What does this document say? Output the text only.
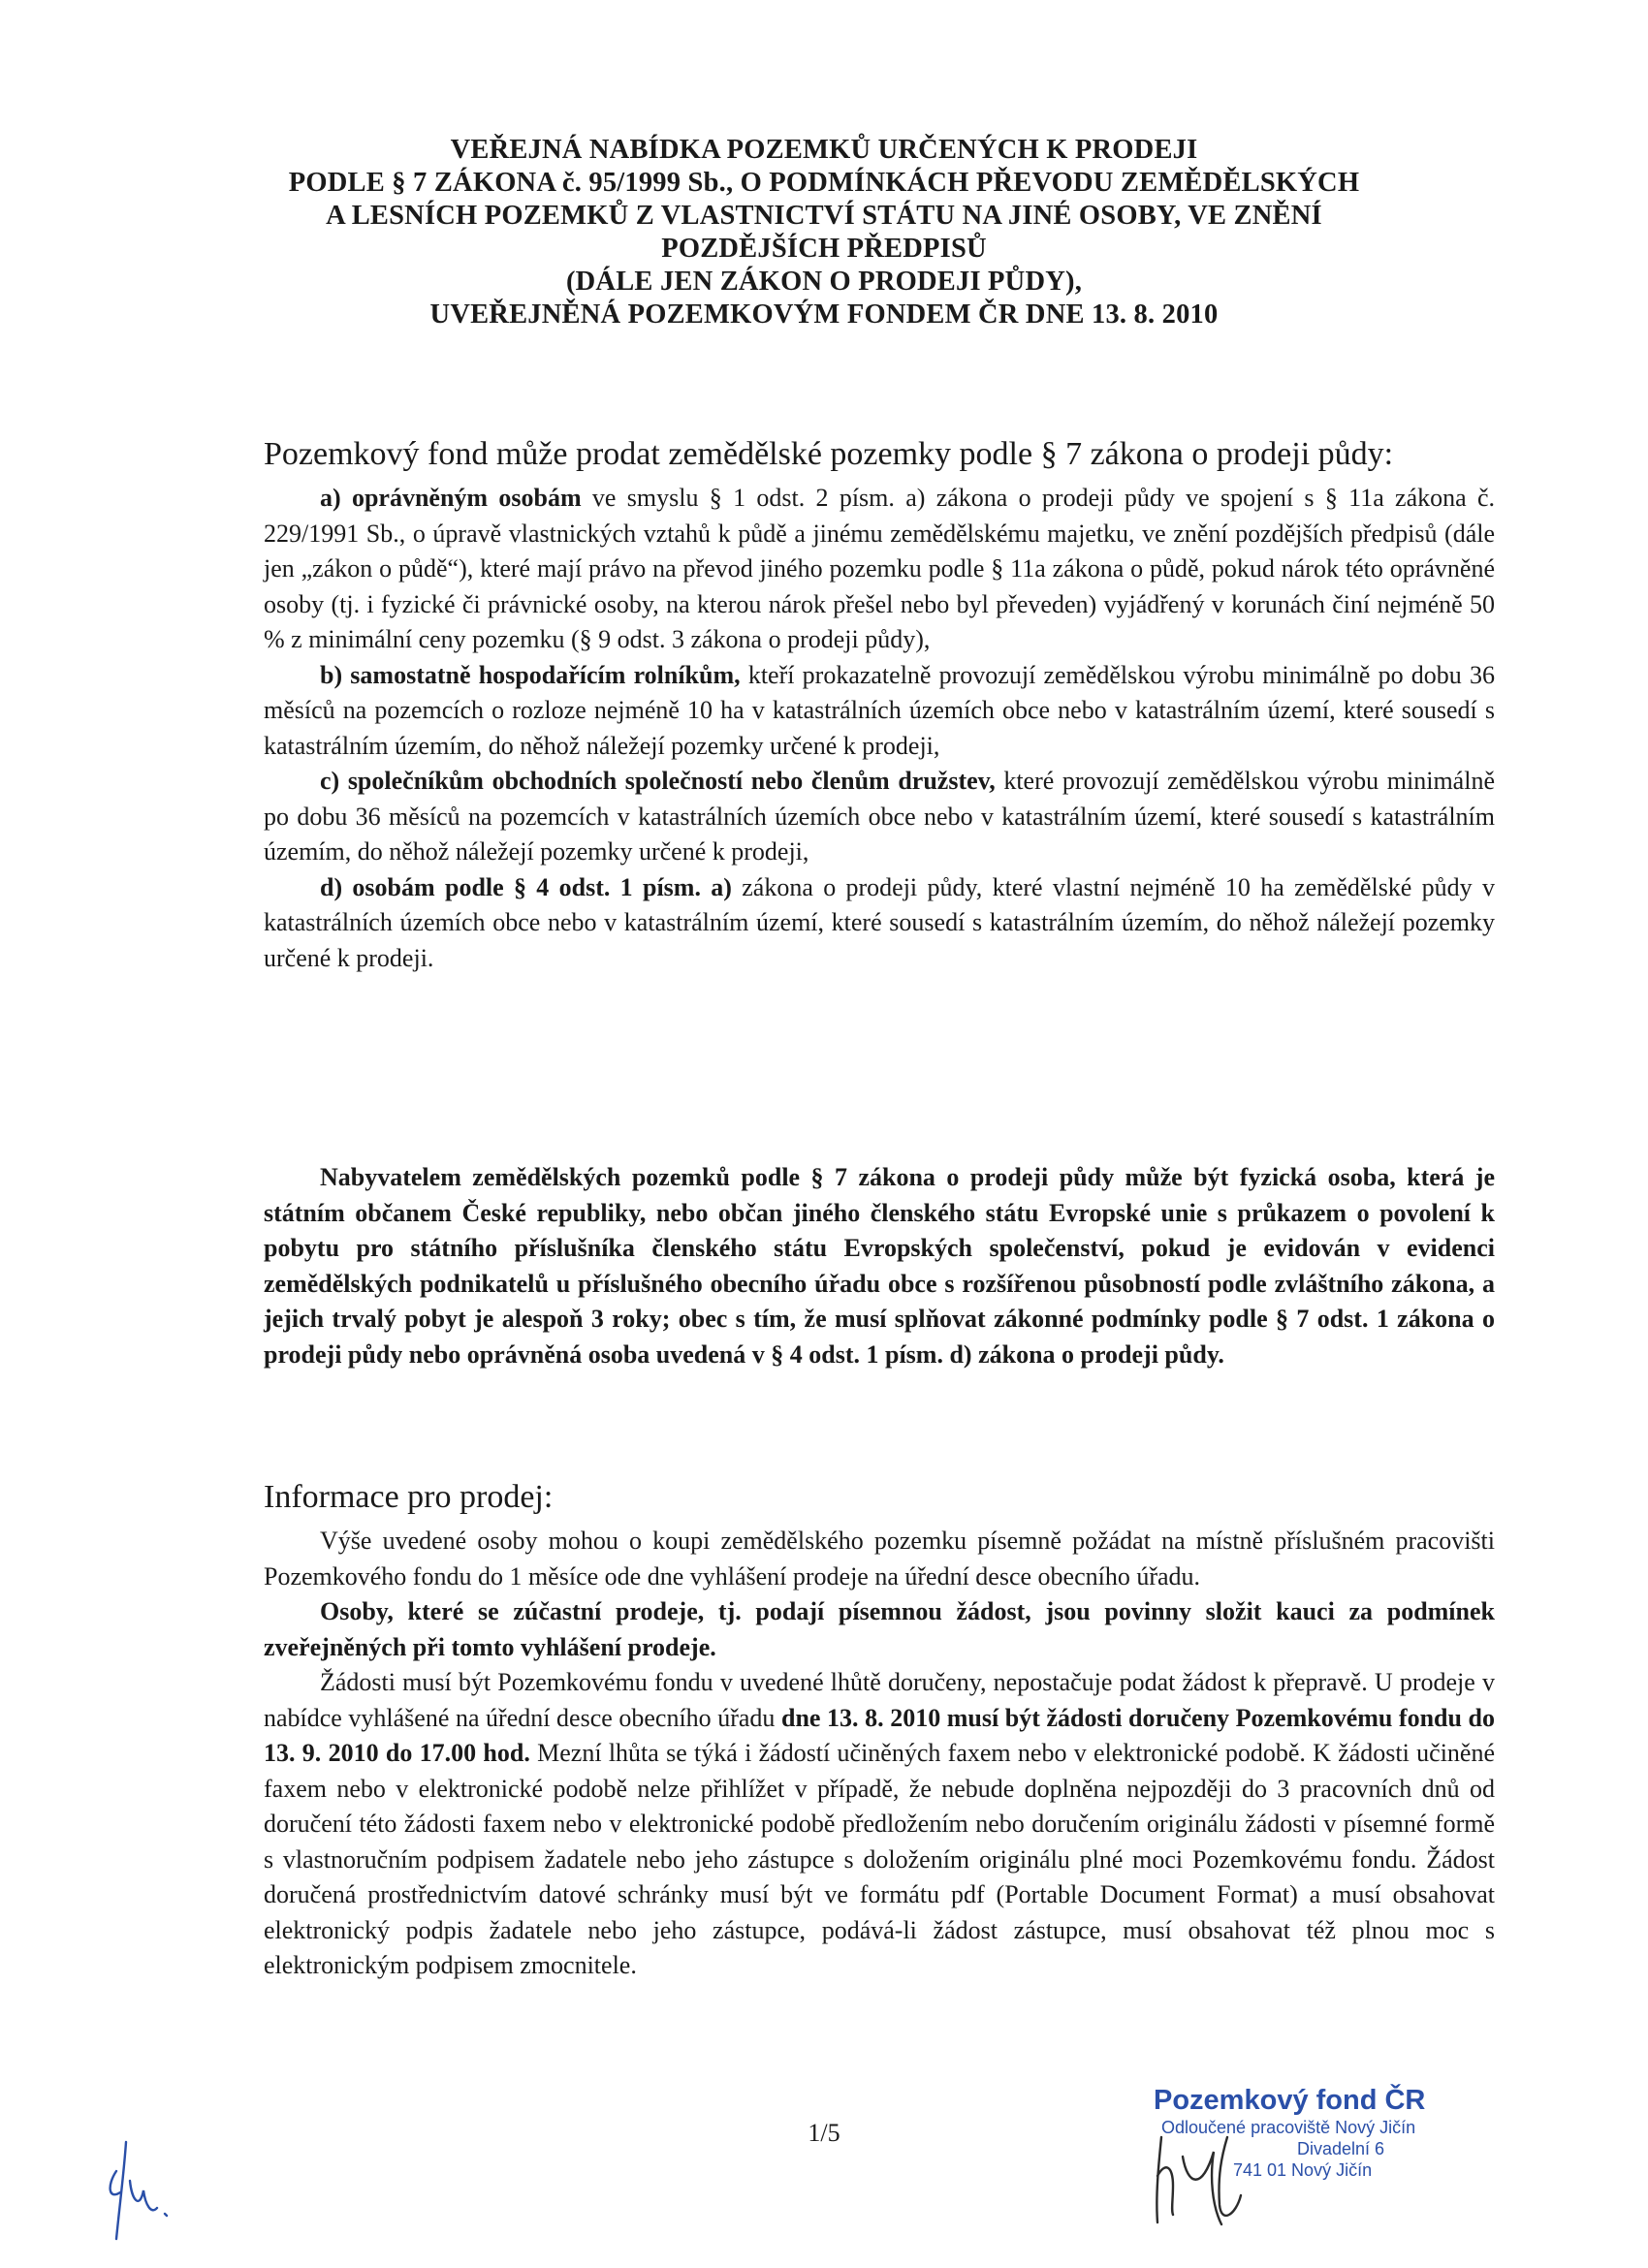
VEŘEJNÁ NABÍDKA POZEMKŮ URČENÝCH K PRODEJI
PODLE § 7 ZÁKONA č. 95/1999 Sb., O PODMÍNKÁCH PŘEVODU ZEMĚDĚLSKÝCH
A LESNÍCH POZEMKŮ Z VLASTNICTVÍ STÁTU NA JINÉ OSOBY, VE ZNĚNÍ
POZDĚJŠÍCH PŘEDPISŮ
(DÁLE JEN ZÁKON O PRODEJI PŮDY),
UVEŘEJNĚNÁ POZEMKOVÝM FONDEM ČR DNE 13. 8. 2010

Pozemkový fond může prodat zemědělské pozemky podle § 7 zákona o prodeji půdy:

a) oprávněným osobám ve smyslu § 1 odst. 2 písm. a) zákona o prodeji půdy ve spojení s § 11a zákona č. 229/1991 Sb., o úpravě vlastnických vztahů k půdě a jinému zemědělskému majetku, ve znění pozdějších předpisů (dále jen „zákon o půdě“), které mají právo na převod jiného pozemku podle § 11a zákona o půdě, pokud nárok této oprávněné osoby (tj. i fyzické či právnické osoby, na kterou nárok přešel nebo byl převeden) vyjádřený v korunách činí nejméně 50 % z minimální ceny pozemku (§ 9 odst. 3 zákona o prodeji půdy),

b) samostatně hospodařícím rolníkům, kteří prokazatelně provozují zemědělskou výrobu minimálně po dobu 36 měsíců na pozemcích o rozloze nejméně 10 ha v katastrálních územích obce nebo v katastrálním území, které sousedí s katastrálním územím, do něhož náležejí pozemky určené k prodeji,

c) společníkům obchodních společností nebo členům družstev, které provozují zemědělskou výrobu minimálně po dobu 36 měsíců na pozemcích v katastrálních územích obce nebo v katastrálním území, které sousedí s katastrálním územím, do něhož náležejí pozemky určené k prodeji,

d) osobám podle § 4 odst. 1 písm. a) zákona o prodeji půdy, které vlastní nejméně 10 ha zemědělské půdy v katastrálních územích obce nebo v katastrálním území, které sousedí s katastrálním územím, do něhož náležejí pozemky určené k prodeji.

Nabyvatelem zemědělských pozemků podle § 7 zákona o prodeji půdy může být fyzická osoba, která je státním občanem České republiky, nebo občan jiného členského státu Evropské unie s průkazem o povolení k pobytu pro státního příslušníka členského státu Evropských společenství, pokud je evidován v evidenci zemědělských podnikatelů u příslušného obecního úřadu obce s rozšířenou působností podle zvláštního zákona, a jejich trvalý pobyt je alespoň 3 roky; obec s tím, že musí splňovat zákonné podmínky podle § 7 odst. 1 zákona o prodeji půdy nebo oprávněná osoba uvedená v § 4 odst. 1 písm. d) zákona o prodeji půdy.

Informace pro prodej:

Výše uvedené osoby mohou o koupi zemědělského pozemku písemně požádat na místně příslušném pracovišti Pozemkového fondu do 1 měsíce ode dne vyhlášení prodeje na úřední desce obecního úřadu.

Osoby, které se zúčastní prodeje, tj. podají písemnou žádost, jsou povinny složit kauci za podmínek zveřejněných při tomto vyhlášení prodeje.

Žádosti musí být Pozemkovému fondu v uvedené lhůtě doručeny, nepostačuje podat žádost k přepravě. U prodeje v nabídce vyhlášené na úřední desce obecního úřadu dne 13. 8. 2010 musí být žádosti doručeny Pozemkovému fondu do 13. 9. 2010 do 17.00 hod. Mezní lhůta se týká i žádostí učiněných faxem nebo v elektronické podobě. K žádosti učiněné faxem nebo v elektronické podobě nelze přihlížet v případě, že nebude doplněna nejpozději do 3 pracovních dnů od doručení této žádosti faxem nebo v elektronické podobě předložením nebo doručením originálu žádosti v písemné formě s vlastnoručním podpisem žadatele nebo jeho zástupce s doložením originálu plné moci Pozemkovému fondu. Žádost doručená prostřednictvím datové schránky musí být ve formátu pdf (Portable Document Format) a musí obsahovat elektronický podpis žadatele nebo jeho zástupce, podává-li žádost zástupce, musí obsahovat též plnou moc s elektronickým podpisem zmocnitele.

1/5
Pozemkový fond ČR
Odloučené pracoviště Nový Jičín
Divadelní 6
741 01 Nový Jičín
